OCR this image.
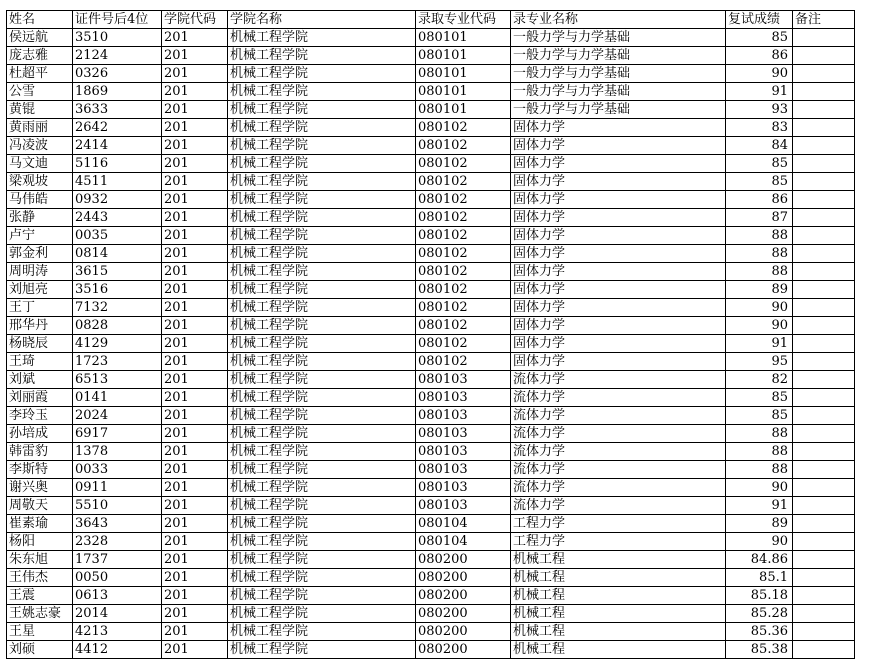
姓名	证件号后4位	学院代码	学院名称	录取专业代码	录专业名称	复试成绩	备注
侯远航	3510	201	机械工程学院	080101	一般力学与力学基础	85	
庞志雅	2124	201	机械工程学院	080101	一般力学与力学基础	86	
杜超平	0326	201	机械工程学院	080101	一般力学与力学基础	90	
公雪	1869	201	机械工程学院	080101	一般力学与力学基础	91	
黄锟	3633	201	机械工程学院	080101	一般力学与力学基础	93	
黄雨丽	2642	201	机械工程学院	080102	固体力学	83	
冯凌波	2414	201	机械工程学院	080102	固体力学	84	
马文迪	5116	201	机械工程学院	080102	固体力学	85	
梁观坡	4511	201	机械工程学院	080102	固体力学	85	
马伟皓	0932	201	机械工程学院	080102	固体力学	86	
张静	2443	201	机械工程学院	080102	固体力学	87	
卢宁	0035	201	机械工程学院	080102	固体力学	88	
郭金利	0814	201	机械工程学院	080102	固体力学	88	
周明涛	3615	201	机械工程学院	080102	固体力学	88	
刘旭亮	3516	201	机械工程学院	080102	固体力学	89	
王丁	7132	201	机械工程学院	080102	固体力学	90	
邢华丹	0828	201	机械工程学院	080102	固体力学	90	
杨晓辰	4129	201	机械工程学院	080102	固体力学	91	
王琦	1723	201	机械工程学院	080102	固体力学	95	
刘斌	6513	201	机械工程学院	080103	流体力学	82	
刘丽霞	0141	201	机械工程学院	080103	流体力学	85	
李玲玉	2024	201	机械工程学院	080103	流体力学	85	
孙培成	6917	201	机械工程学院	080103	流体力学	88	
韩雷豹	1378	201	机械工程学院	080103	流体力学	88	
李斯特	0033	201	机械工程学院	080103	流体力学	88	
谢兴奥	0911	201	机械工程学院	080103	流体力学	90	
周敬天	5510	201	机械工程学院	080103	流体力学	91	
崔素瑜	3643	201	机械工程学院	080104	工程力学	89	
杨阳	2328	201	机械工程学院	080104	工程力学	90	
朱东旭	1737	201	机械工程学院	080200	机械工程	84.86	
王伟杰	0050	201	机械工程学院	080200	机械工程	85.1	
王震	0613	201	机械工程学院	080200	机械工程	85.18	
王姚志豪	2014	201	机械工程学院	080200	机械工程	85.28	
王星	4213	201	机械工程学院	080200	机械工程	85.36	
刘硕	4412	201	机械工程学院	080200	机械工程	85.38	
